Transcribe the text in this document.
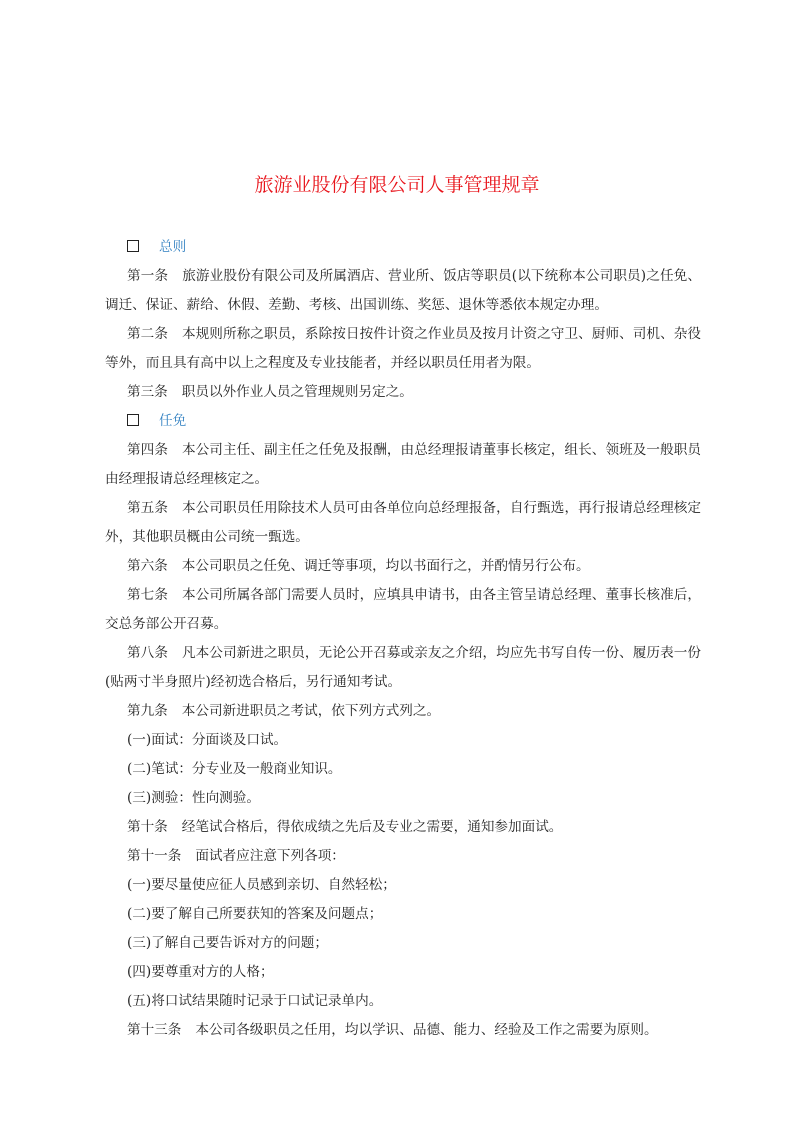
旅游业股份有限公司人事管理规章

总则

第一条 旅游业股份有限公司及所属酒店、营业所、饭店等职员(以下统称本公司职员)之任免、调迁、保证、薪给、休假、差勤、考核、出国训练、奖惩、退休等悉依本规定办理。

第二条 本规则所称之职员，系除按日按件计资之作业员及按月计资之守卫、厨师、司机、杂役等外，而且具有高中以上之程度及专业技能者，并经以职员任用者为限。

第三条 职员以外作业人员之管理规则另定之。

任免

第四条 本公司主任、副主任之任免及报酬，由总经理报请董事长核定，组长、领班及一般职员由经理报请总经理核定之。

第五条 本公司职员任用除技术人员可由各单位向总经理报备，自行甄选，再行报请总经理核定外，其他职员概由公司统一甄选。

第六条 本公司职员之任免、调迁等事项，均以书面行之，并酌情另行公布。

第七条 本公司所属各部门需要人员时，应填具申请书，由各主管呈请总经理、董事长核准后，交总务部公开召募。

第八条 凡本公司新进之职员，无论公开召募或亲友之介绍，均应先书写自传一份、履历表一份(贴两寸半身照片)经初选合格后，另行通知考试。

第九条 本公司新进职员之考试，依下列方式列之。

(一)面试：分面谈及口试。

(二)笔试：分专业及一般商业知识。

(三)测验：性向测验。

第十条 经笔试合格后，得依成绩之先后及专业之需要，通知参加面试。

第十一条 面试者应注意下列各项：

(一)要尽量使应征人员感到亲切、自然轻松；

(二)要了解自己所要获知的答案及问题点；

(三)了解自己要告诉对方的问题；

(四)要尊重对方的人格；

(五)将口试结果随时记录于口试记录单内。

第十三条 本公司各级职员之任用，均以学识、品德、能力、经验及工作之需要为原则。
